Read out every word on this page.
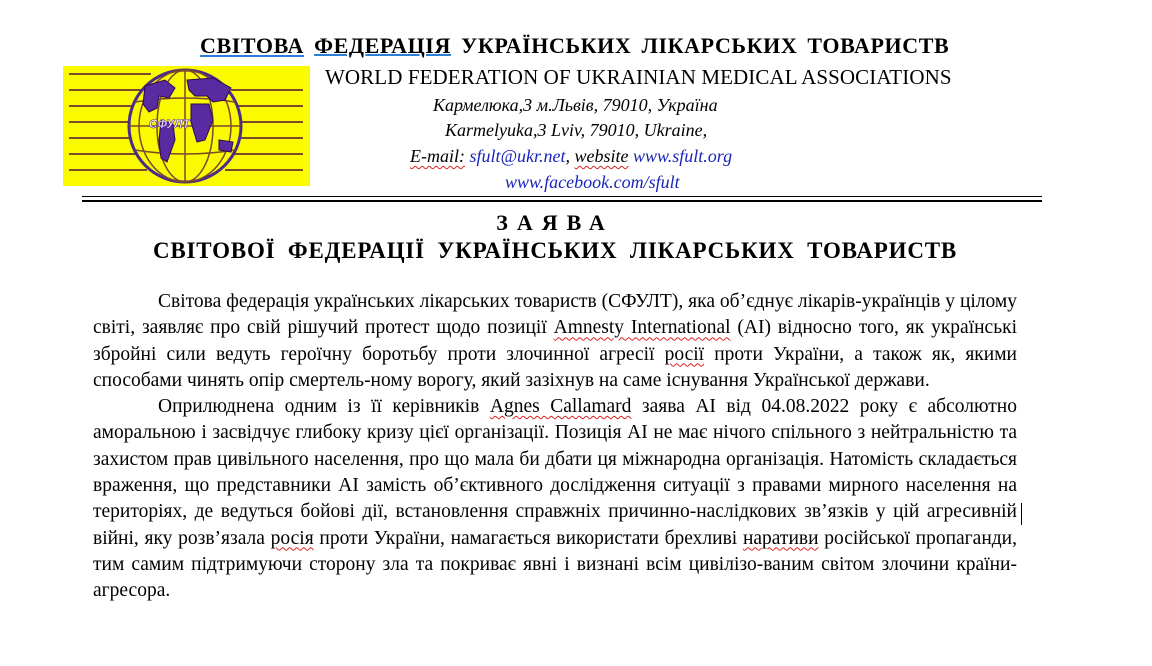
СВІТОВА ФЕДЕРАЦІЯ УКРАЇНСЬКИХ ЛІКАРСЬКИХ ТОВАРИСТВ
СФУЛТ
WORLD FEDERATION OF UKRAINIAN MEDICAL ASSOCIATIONS
Кармелюка,3 м.Львів, 79010, Україна
Karmelyuka,3 Lviv, 79010, Ukraine,
E-mail: sfult@ukr.net, website www.sfult.org
www.facebook.com/sfult
ЗАЯВА
СВІТОВОЇ ФЕДЕРАЦІЇ УКРАЇНСЬКИХ ЛІКАРСЬКИХ ТОВАРИСТВ

Світова федерація українських лікарських товариств (СФУЛТ), яка об’єднує лікарів-українців у цілому світі, заявляє про свій рішучий протест щодо позиції Amnesty International (AI) відносно того, як українські збройні сили ведуть героїчну боротьбу проти злочинної агресії росії проти України, а також як, якими способами чинять опір смертель-ному ворогу, який зазіхнув на саме існування Української держави.

Оприлюднена одним із її керівників Agnes Callamard заява AI від 04.08.2022 року є абсолютно аморальною і засвідчує глибоку кризу цієї організації. Позиція AI не має нічого спільного з нейтральністю та захистом прав цивільного населення, про що мала би дбати ця міжнародна організація. Натомість складається враження, що представники AI замість об’єктивного дослідження ситуації з правами мирного населення на територіях, де ведуться бойові дії, встановлення справжніх причинно-наслідкових зв’язків у цій агресивній війні, яку розв’язала росія проти України, намагається використати брехливі наративи російської пропаганди, тим самим підтримуючи сторону зла та покриває явні і визнані всім цивілізо-ваним світом злочини країни-агресора.
